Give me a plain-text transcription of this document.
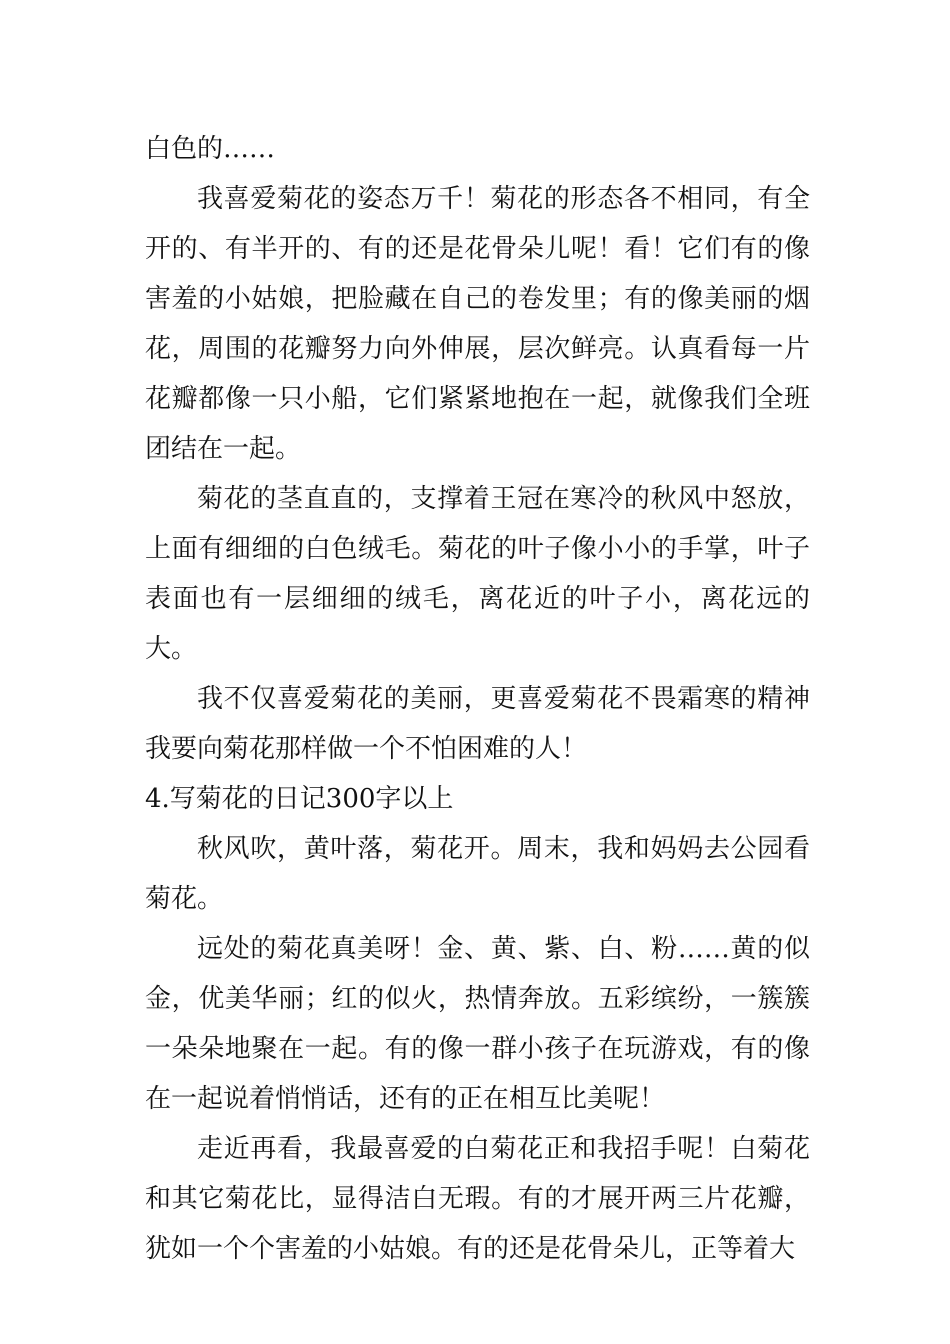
白色的……

我喜爱菊花的姿态万千！菊花的形态各不相同，有全开的、有半开的、有的还是花骨朵儿呢！看！它们有的像害羞的小姑娘，把脸藏在自己的卷发里；有的像美丽的烟花，周围的花瓣努力向外伸展，层次鲜亮。认真看每一片花瓣都像一只小船，它们紧紧地抱在一起，就像我们全班团结在一起。

菊花的茎直直的，支撑着王冠在寒冷的秋风中怒放，上面有细细的白色绒毛。菊花的叶子像小小的手掌，叶子表面也有一层细细的绒毛，离花近的叶子小，离花远的大。

我不仅喜爱菊花的美丽，更喜爱菊花不畏霜寒的精神我要向菊花那样做一个不怕困难的人！

4.写菊花的日记300字以上

秋风吹，黄叶落，菊花开。周末，我和妈妈去公园看菊花。

远处的菊花真美呀！金、黄、紫、白、粉……黄的似金，优美华丽；红的似火，热情奔放。五彩缤纷，一簇簇一朵朵地聚在一起。有的像一群小孩子在玩游戏，有的像在一起说着悄悄话，还有的正在相互比美呢！

走近再看，我最喜爱的白菊花正和我招手呢！白菊花和其它菊花比，显得洁白无瑕。有的才展开两三片花瓣，犹如一个个害羞的小姑娘。有的还是花骨朵儿，正等着大
